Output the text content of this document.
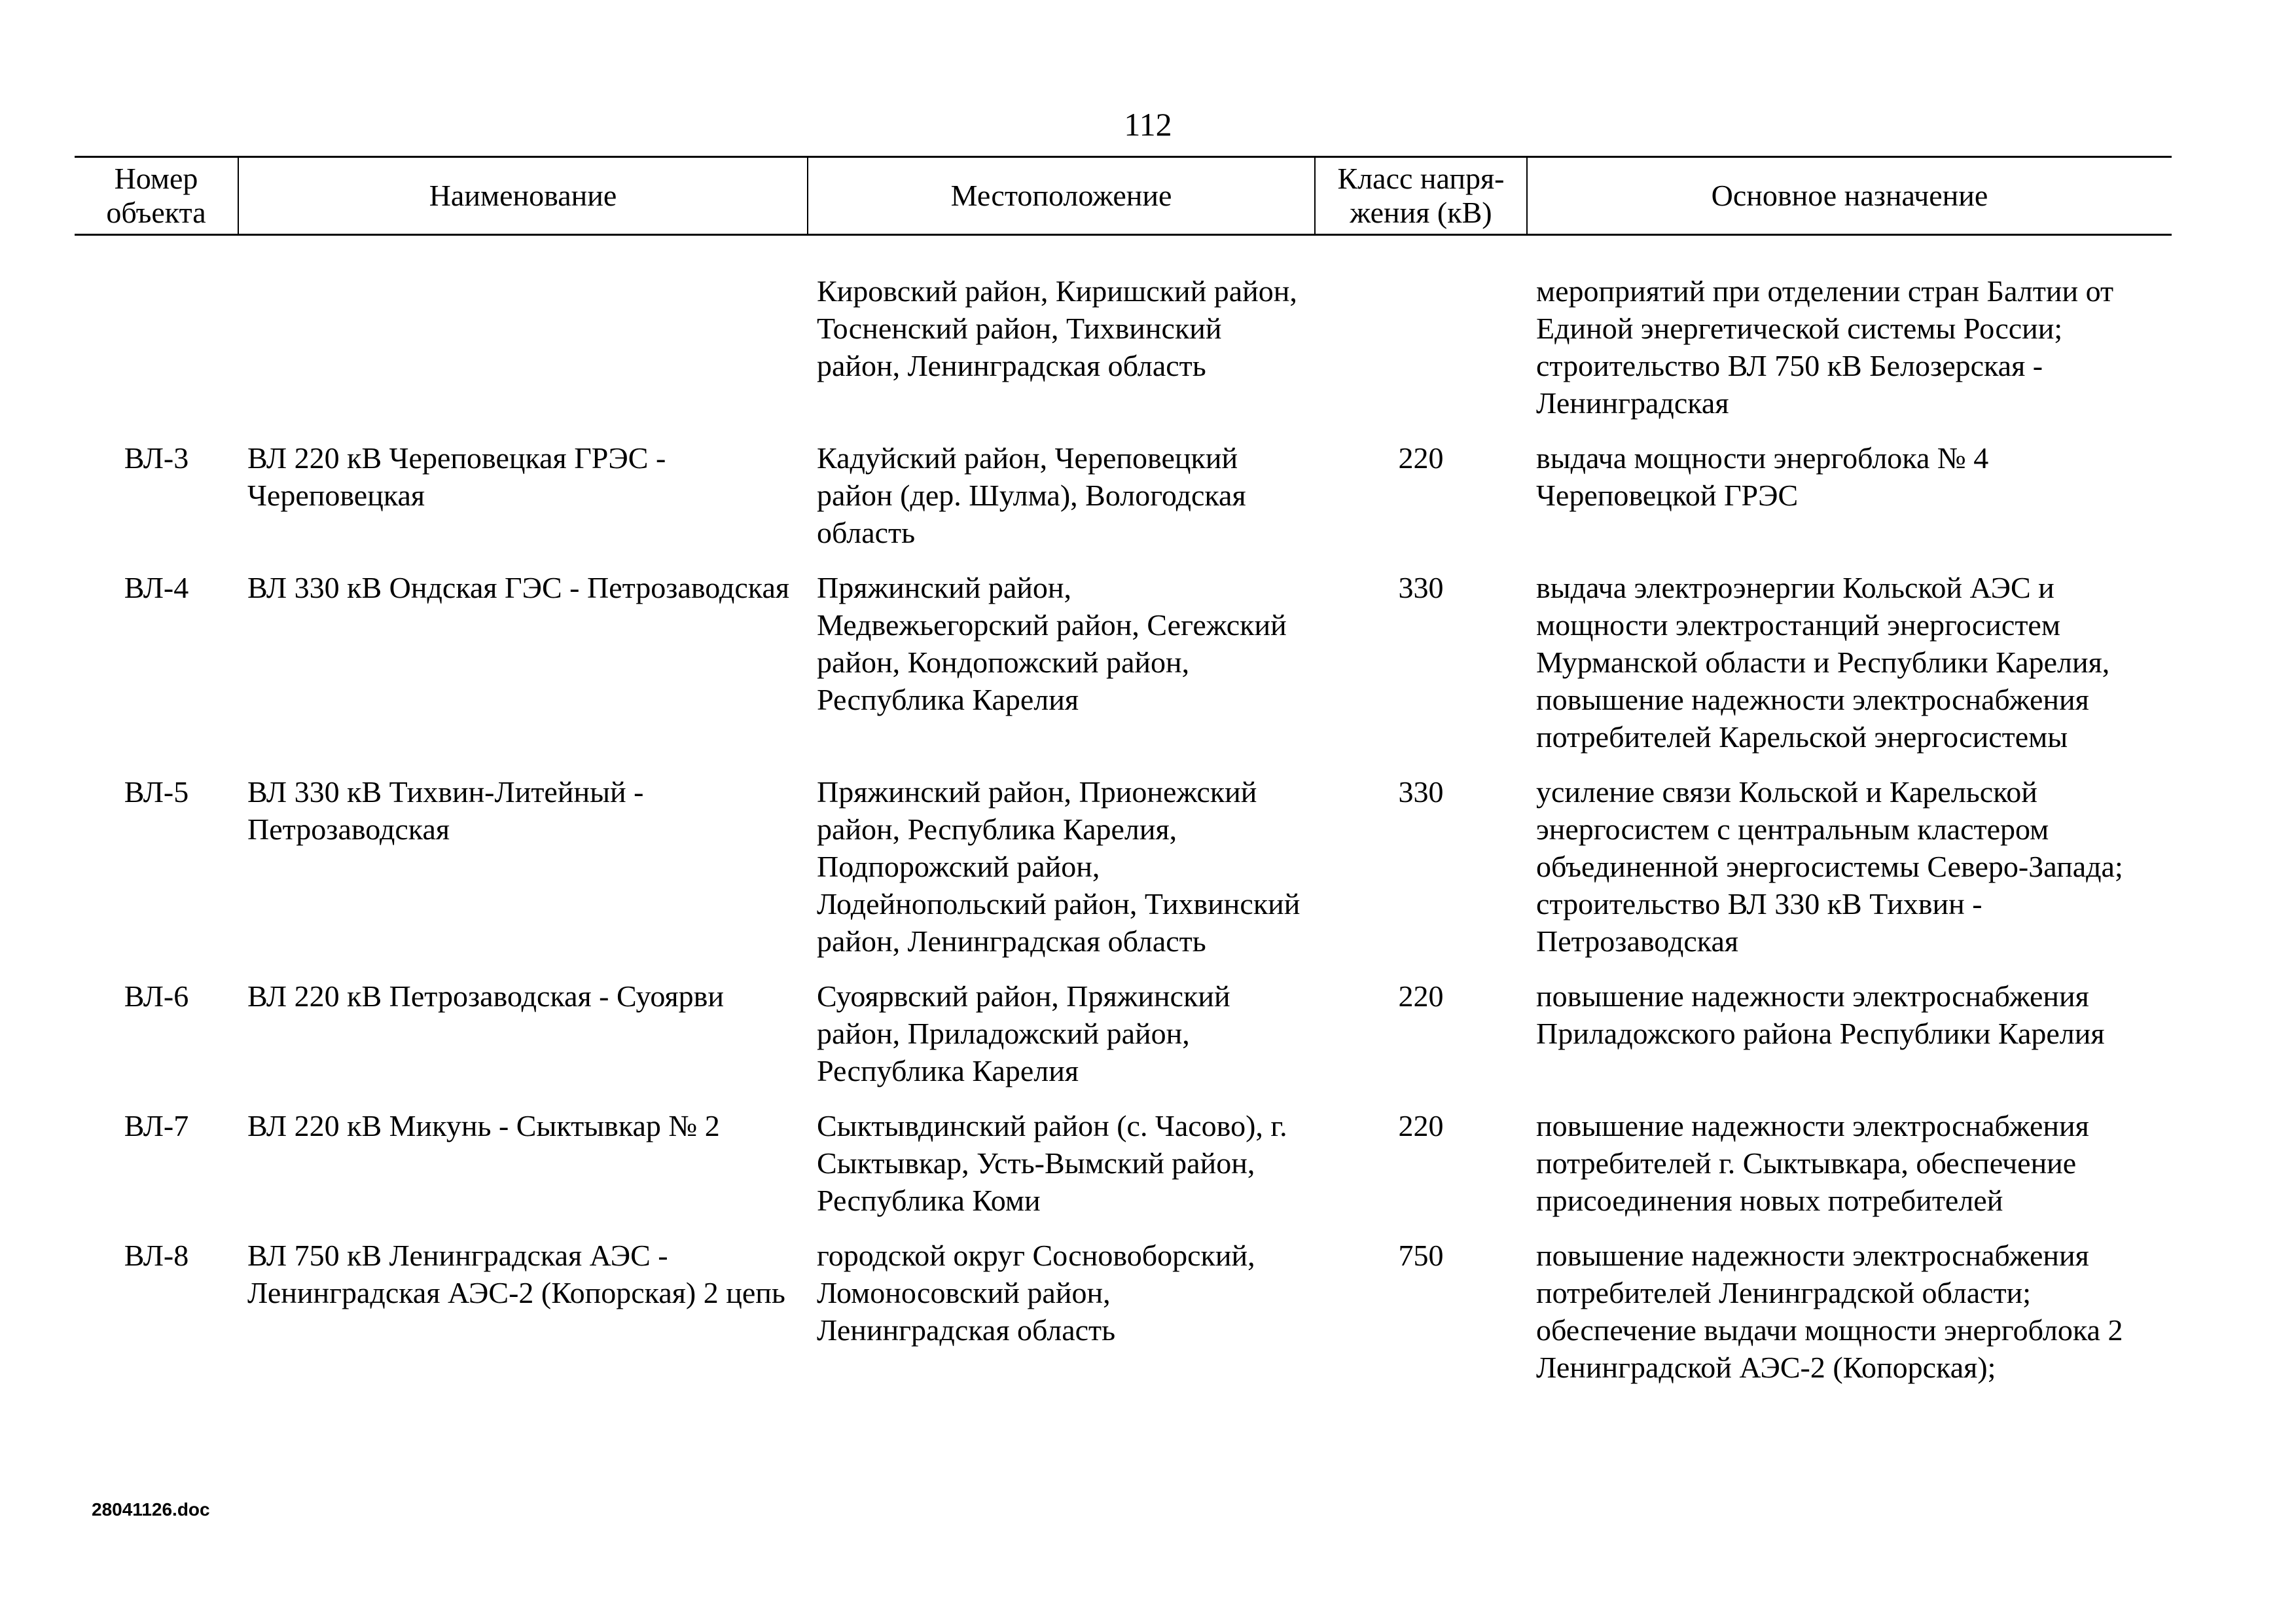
112
Номер объекта	Наименование	Местоположение	Класс напря-жения (кВ)	Основное назначение
		Кировский район, Киришский район, Тосненский район, Тихвинский район, Ленинградская область		мероприятий при отделении стран Балтии от Единой энергетической системы России; строительство ВЛ 750 кВ Белозерская - Ленинградская
ВЛ-3	ВЛ 220 кВ Череповецкая ГРЭС - Череповецкая	Кадуйский район, Череповецкий район (дер. Шулма), Вологодская область	220	выдача мощности энергоблока № 4 Череповецкой ГРЭС
ВЛ-4	ВЛ 330 кВ Ондская ГЭС - Петрозаводская	Пряжинский район, Медвежьегорский район, Сегежский район, Кондопожский район, Республика Карелия	330	выдача электроэнергии Кольской АЭС и мощности электростанций энергосистем Мурманской области и Республики Карелия, повышение надежности электроснабжения потребителей Карельской энергосистемы
ВЛ-5	ВЛ 330 кВ Тихвин-Литейный - Петрозаводская	Пряжинский район, Прионежский район, Республика Карелия, Подпорожский район, Лодейнопольский район, Тихвинский район, Ленинградская область	330	усиление связи Кольской и Карельской энергосистем с центральным кластером объединенной энергосистемы Северо-Запада; строительство ВЛ 330 кВ Тихвин - Петрозаводская
ВЛ-6	ВЛ 220 кВ Петрозаводская - Суоярви	Суоярвский район, Пряжинский район, Приладожский район, Республика Карелия	220	повышение надежности электроснабжения Приладожского района Республики Карелия
ВЛ-7	ВЛ 220 кВ Микунь - Сыктывкар № 2	Сыктывдинский район (с. Часово), г. Сыктывкар, Усть-Вымский район, Республика Коми	220	повышение надежности электроснабжения потребителей г. Сыктывкара, обеспечение присоединения новых потребителей
ВЛ-8	ВЛ 750 кВ Ленинградская АЭС - Ленинградская АЭС-2 (Копорская) 2 цепь	городской округ Сосновоборский, Ломоносовский район, Ленинградская область	750	повышение надежности электроснабжения потребителей Ленинградской области; обеспечение выдачи мощности энергоблока 2 Ленинградской АЭС-2 (Копорская);
28041126.doc
